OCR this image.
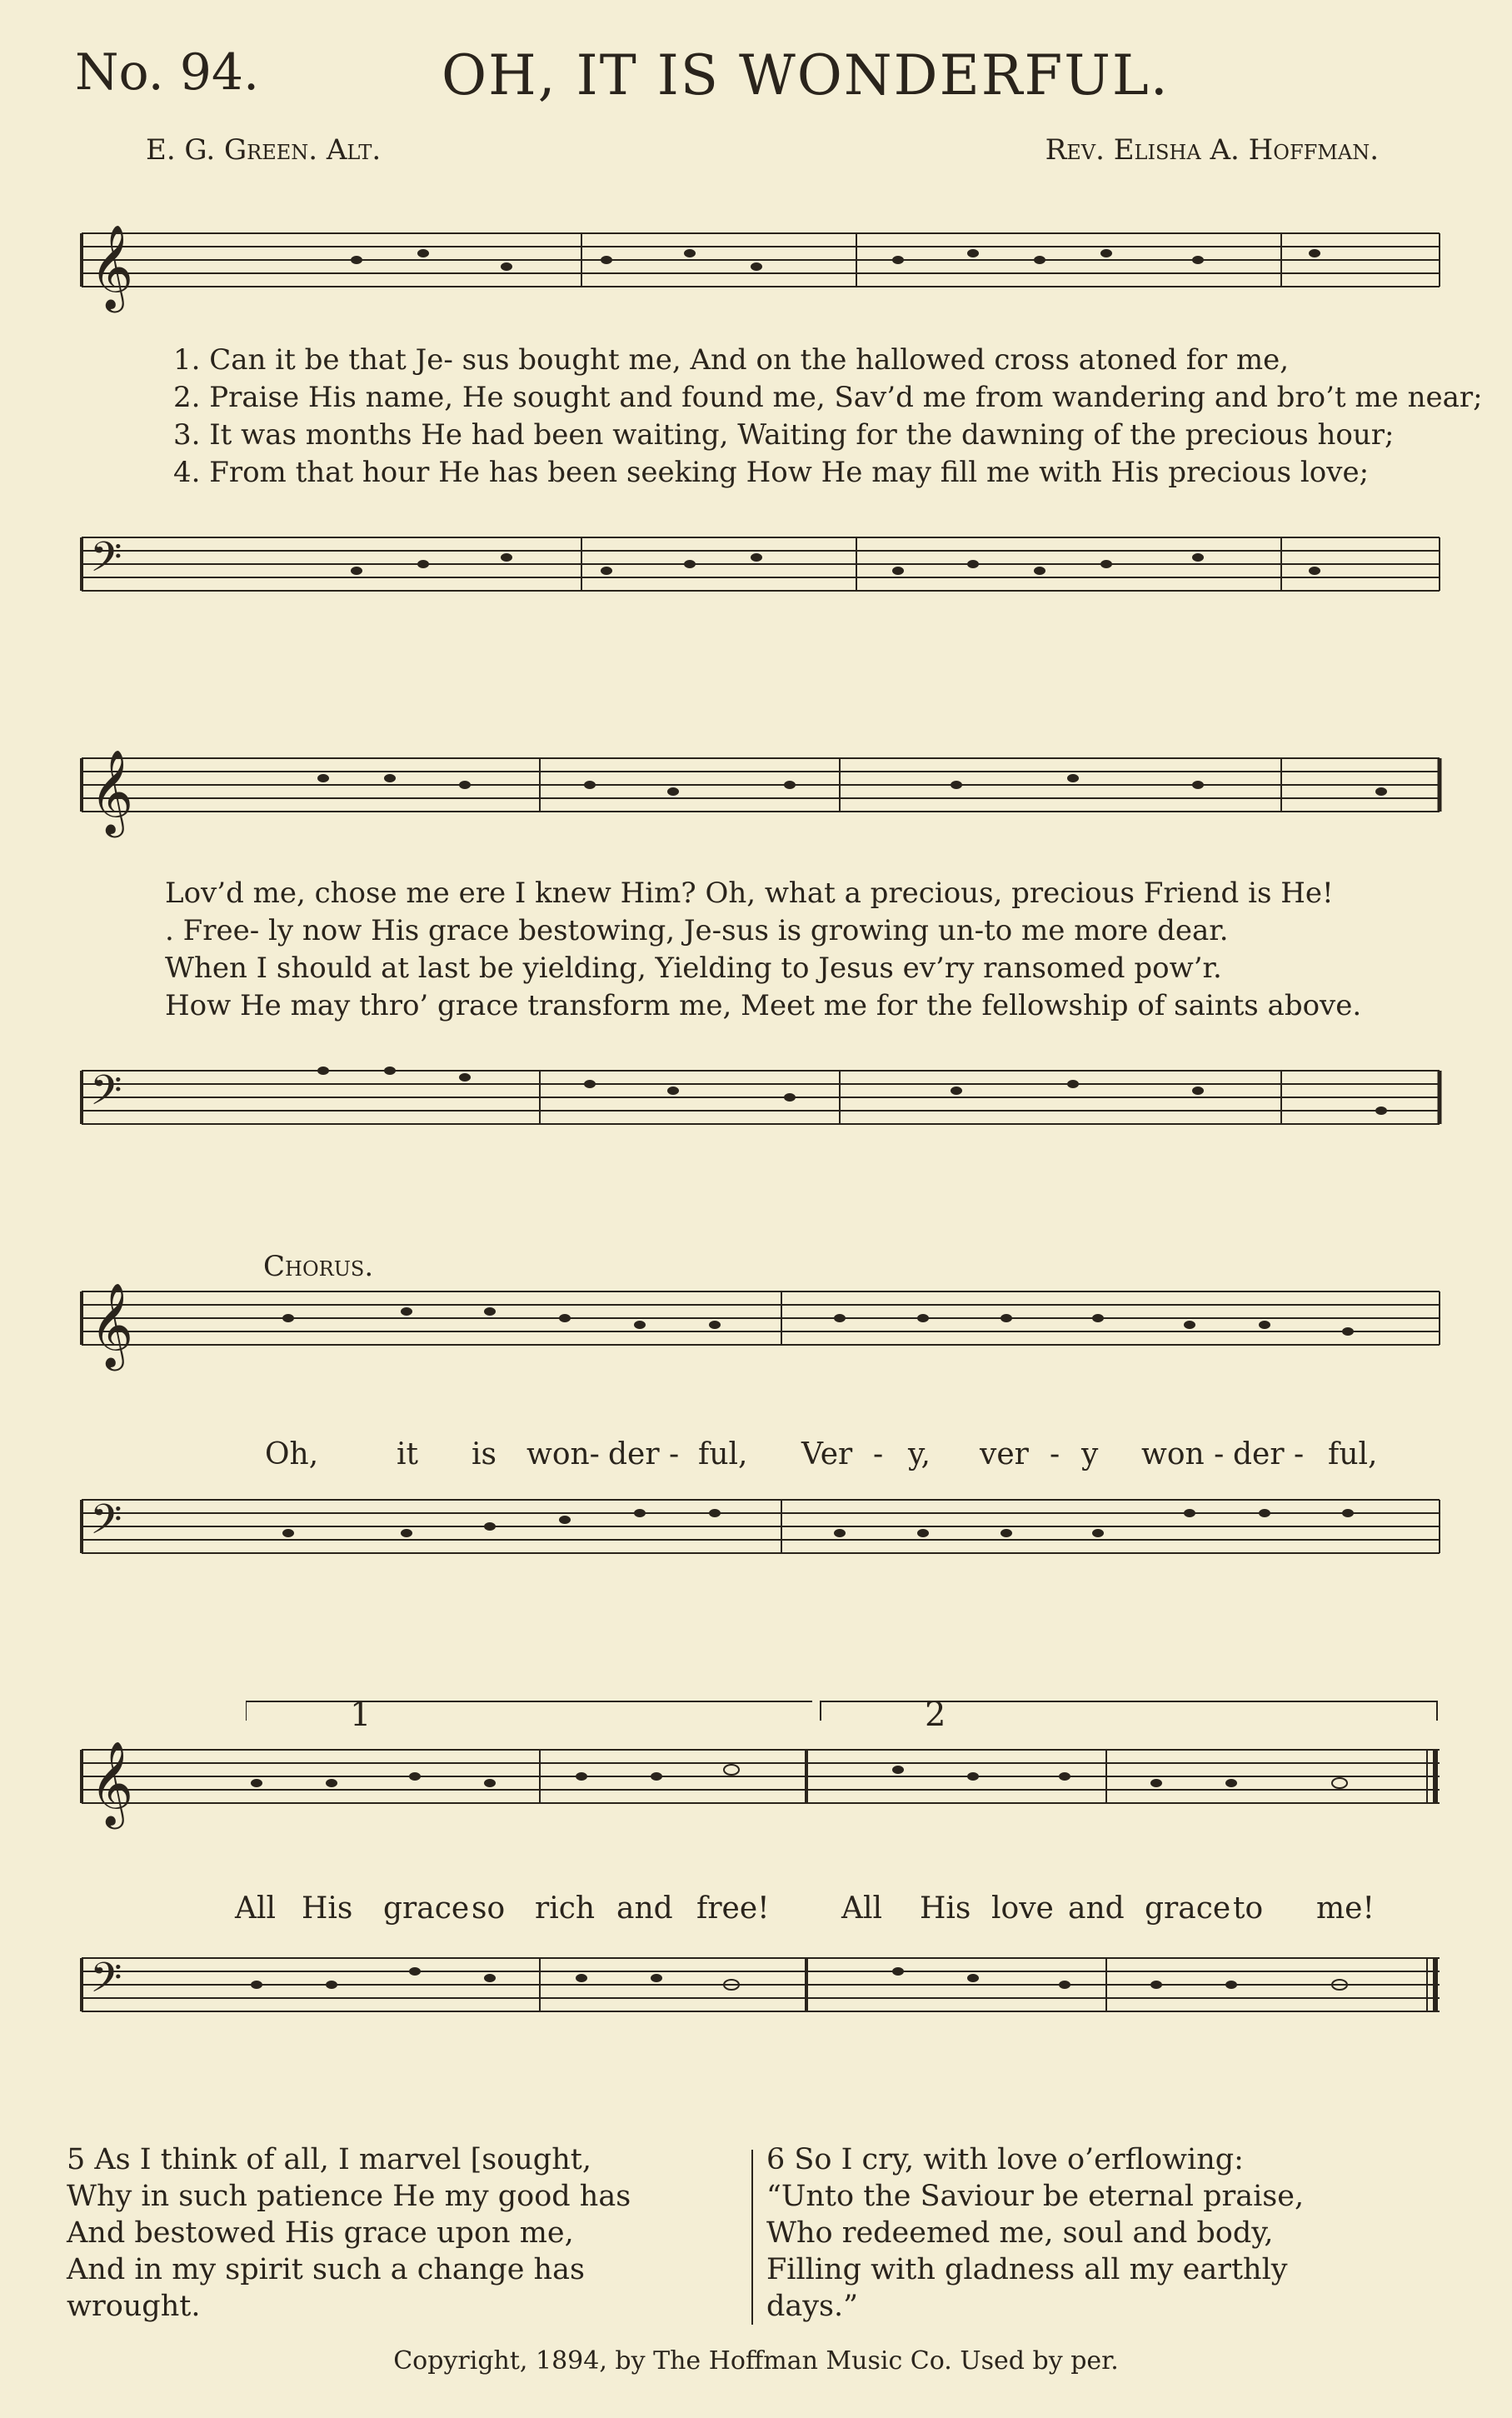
No. 94.	OH, IT IS WONDERFUL.
E. G. Green. Alt.	Rev. Elisha A. Hoffman.
𝄞
1. Can it be that Je- sus bought me, And on the hallowed cross atoned for me,
2. Praise His name, He sought and found me, Sav’d me from wandering and bro’t me near;
3. It was months He had been waiting, Waiting for the dawning of the precious hour;
4. From that hour He has been seeking How He may fill me with His precious love;
𝄢
𝄞
Lov’d me, chose me ere I knew Him? Oh, what a precious, precious Friend is He!
. Free- ly now His grace bestowing, Je-sus is growing un-to me more dear.
When I should at last be yielding, Yielding to Jesus ev’ry ransomed pow’r.
How He may thro’ grace transform me, Meet me for the fellowship of saints above.
𝄢
Chorus.
𝄞
𝄢
Oh,	it is won- der - ful, Ver - y, ver - y won - der - ful,
1	2
𝄞
𝄢
All His grace so rich and free! All His love and grace to me!
5 As I think of all, I marvel [sought,
Why in such patience He my good has
And bestowed His grace upon me,
And in my spirit such a change has
wrought.
6 So I cry, with love o’erflowing:
“Unto the Saviour be eternal praise,
Who redeemed me, soul and body,
Filling with gladness all my earthly
days.”
Copyright, 1894, by The Hoffman Music Co. Used by per.
